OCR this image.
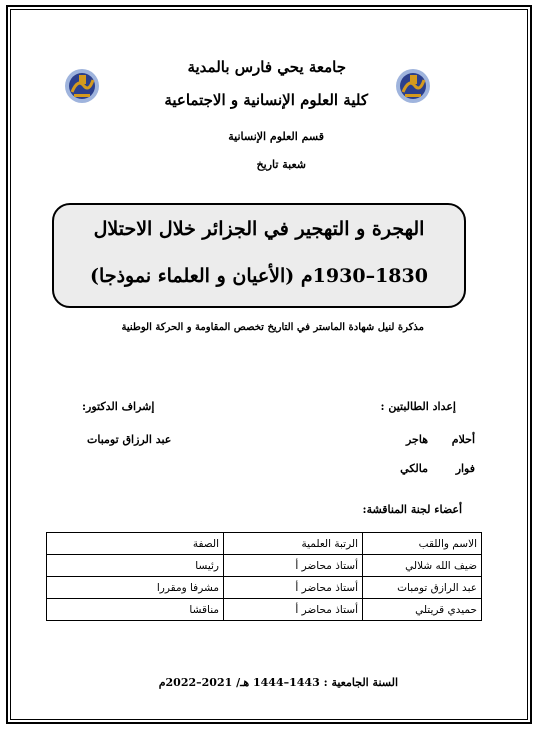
جامعة يحي فارس بالمدية
كلية العلوم الإنسانية و الاجتماعية
قسم العلوم الإنسانية
شعبة تاريخ
الهجرة و التهجير في الجزائر خلال الاحتلال
1830–1930م (الأعيان و العلماء نموذجا)
مذكرة لنيل شهادة الماستر في التاريخ تخصص المقاومة و الحركة الوطنية
إعداد الطالبتين :
إشراف الدكتور:
أحلام
هاجر
عبد الرزاق تومبات
فوار
مالكي
أعضاء لجنة المناقشة:
الاسم واللقب	الرتبة العلمية	الصفة
ضيف الله شلالي	أستاذ محاضر أ	رئيسا
عبد الرازق تومبات	أستاذ محاضر أ	مشرفا ومقررا
حميدي قريتلي	أستاذ محاضر أ	مناقشا
السنة الجامعية : 1443–1444 هـ/ 2021–2022م
